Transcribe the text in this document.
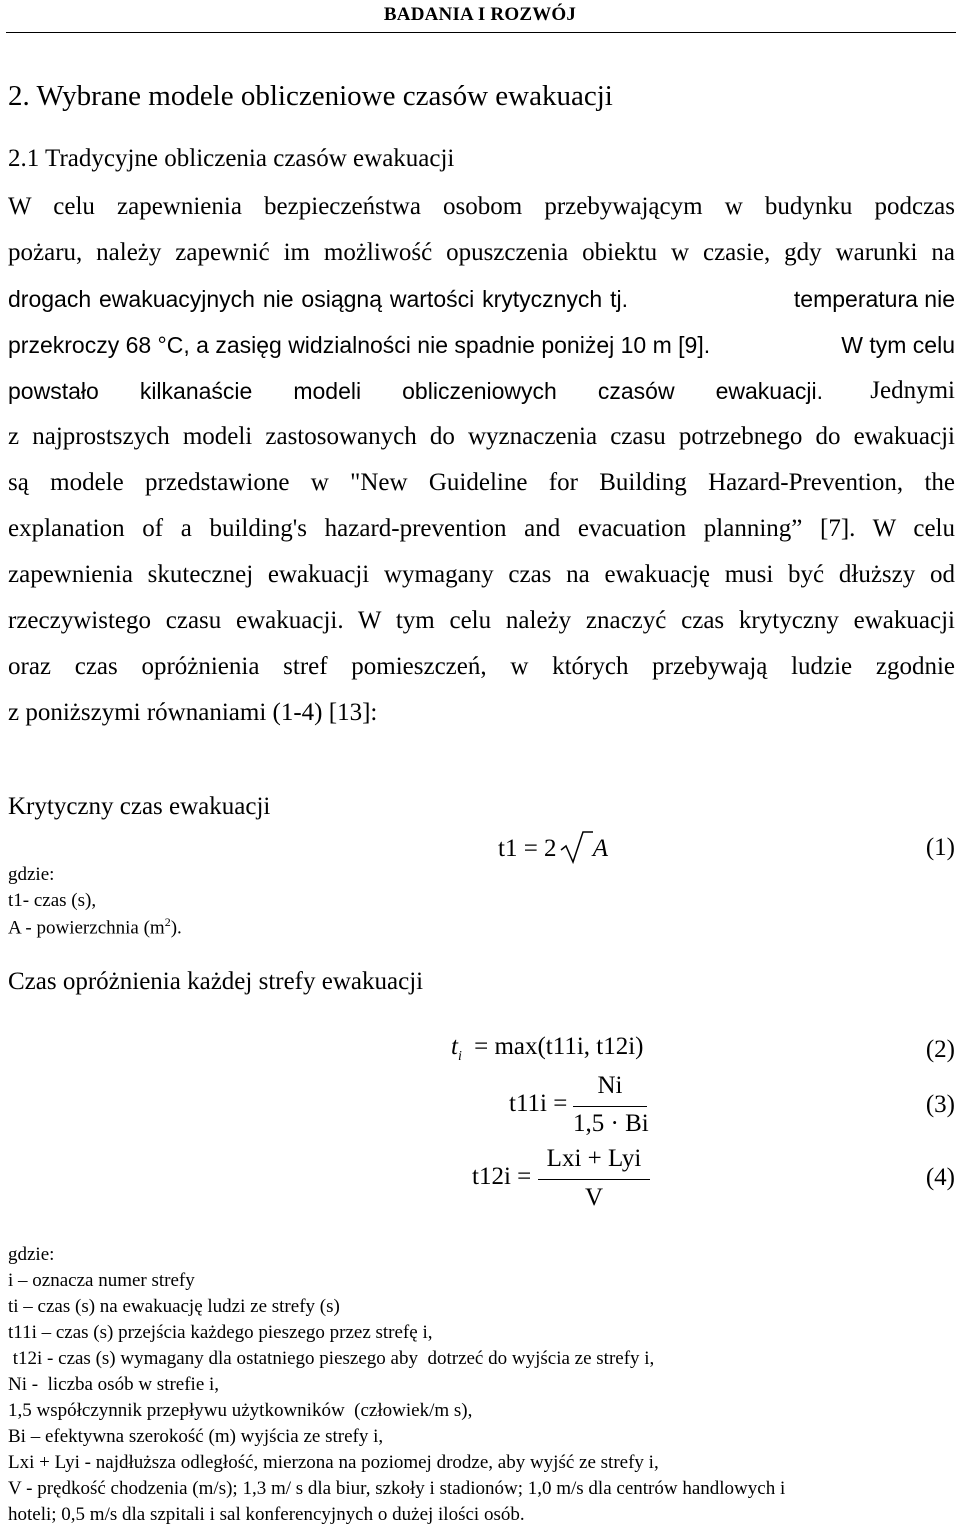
BADANIA I ROZWÓJ
2. Wybrane modele obliczeniowe czasów ewakuacji
2.1 Tradycyjne obliczenia czasów ewakuacji
W celu zapewnienia bezpieczeństwa osobom przebywającym w budynku podczas
pożaru, należy zapewnić im możliwość opuszczenia obiektu w czasie, gdy warunki na
drogach ewakuacyjnych nie osiągną wartości krytycznych tj.	temperatura nie
przekroczy 68 °C, a zasięg widzialności nie spadnie poniżej 10 m [9].	W tym celu
powstało kilkanaście modeli obliczeniowych czasów ewakuacji.	Jednymi
z najprostszych modeli zastosowanych do wyznaczenia czasu potrzebnego do ewakuacji
są modele przedstawione w "New Guideline for Building Hazard-Prevention, the
explanation of a building's hazard-prevention and evacuation planning” [7]. W celu
zapewnienia skutecznej ewakuacji wymagany czas na ewakuację musi być dłuższy od
rzeczywistego czasu ewakuacji. W tym celu należy znaczyć czas krytyczny ewakuacji
oraz czas opróżnienia stref pomieszczeń, w których przebywają ludzie zgodnie
z poniższymi równaniami (1-4) [13]:
Krytyczny czas ewakuacji
gdzie:
t1- czas (s),
A - powierzchnia $(m^2)$.
t1 = 2 A	(1)
Czas opróżnienia każdej strefy ewakuacji
$t_i = \max(t11i$, t12i)	(2)
t11i =
Ni
1,5 · Bi
(3)
t12i =
Lxi + Lyi
V
(4)
gdzie:
i – oznacza numer strefy
ti – czas (s) na ewakuację ludzi ze strefy (s)
t11i – czas (s) przejścia każdego pieszego przez strefę i,
t12i - czas (s) wymagany dla ostatniego pieszego aby  dotrzeć do wyjścia ze strefy i,
Ni -  liczba osób w strefie i,
1,5 współczynnik przepływu użytkowników  (człowiek/m s),
Bi – efektywna szerokość (m) wyjścia ze strefy i,
Lxi + Lyi - najdłuższa odległość, mierzona na poziomej drodze, aby wyjść ze strefy i,
V - prędkość chodzenia (m/s); 1,3 m/ s dla biur, szkoły i stadionów; 1,0 m/s dla centrów handlowych i
hoteli; 0,5 m/s dla szpitali i sal konferencyjnych o dużej ilości osób.
